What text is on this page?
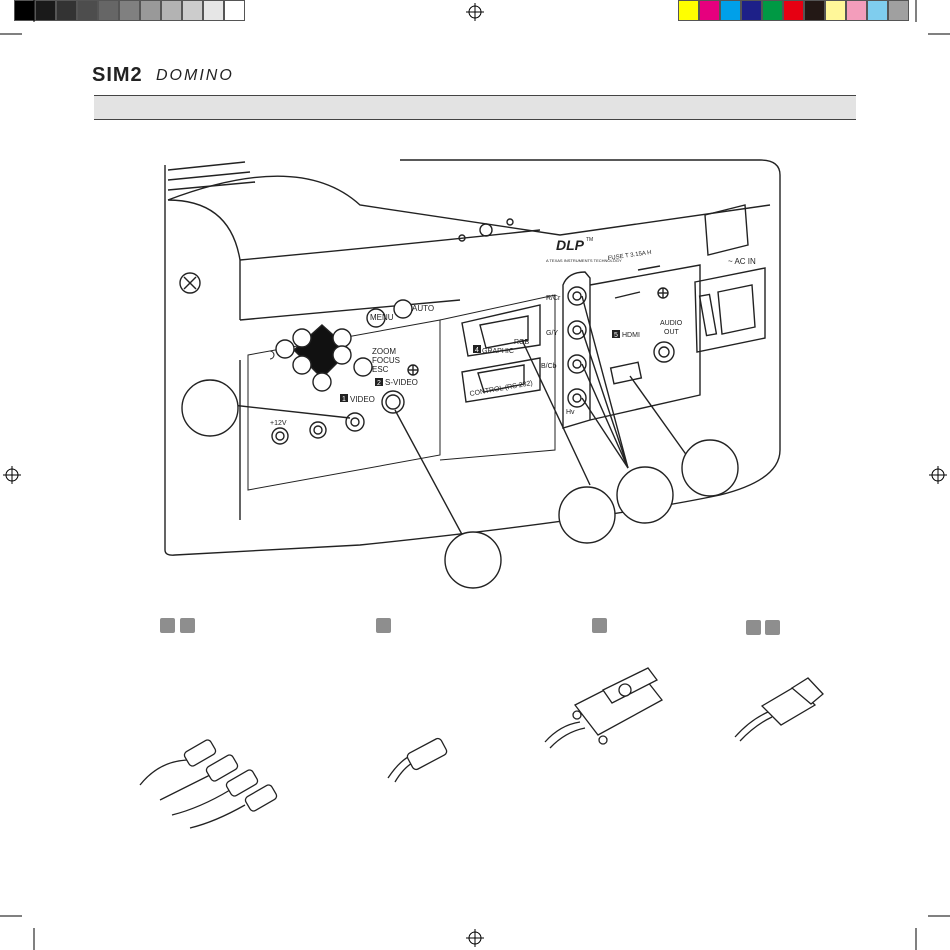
SIM2 DOMINO
MENU
AUTO
ZOOM
FOCUS
ESC
VIDEO
S-VIDEO
+12V
GRAPHIC
RGB
CONTROL (RS 232)
R/Cr
G/Y
B/Cb
Hv
HDMI
AUDIO
OUT
~ AC IN
FUSE T 3.15A H
DLP TM
A TEXAS INSTRUMENTS TECHNOLOGY
4
1
2
5
